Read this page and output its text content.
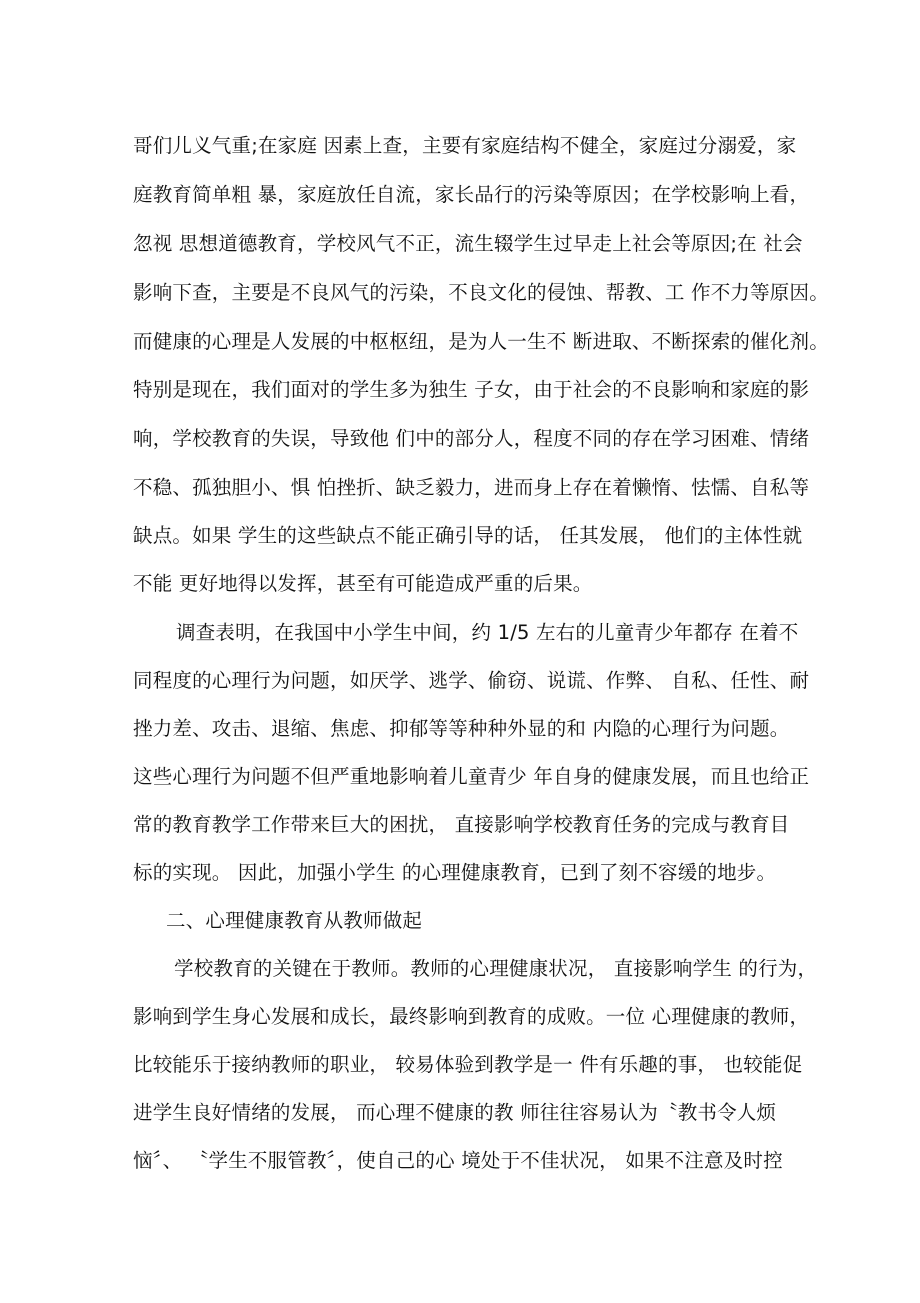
哥们儿义气重;在家庭 因素上查，主要有家庭结构不健全，家庭过分溺爱，家
庭教育简单粗 暴，家庭放任自流，家长品行的污染等原因；在学校影响上看，
忽视 思想道德教育，学校风气不正，流生辍学生过早走上社会等原因;在 社会
影响下查，主要是不良风气的污染，不良文化的侵蚀、帮教、工 作不力等原因。
而健康的心理是人发展的中枢枢纽，是为人一生不 断进取、不断探索的催化剂。
特别是现在，我们面对的学生多为独生 子女，由于社会的不良影响和家庭的影
响，学校教育的失误，导致他 们中的部分人，程度不同的存在学习困难、情绪
不稳、孤独胆小、惧 怕挫折、缺乏毅力，进而身上存在着懒惰、怯懦、自私等
缺点。如果 学生的这些缺点不能正确引导的话， 任其发展， 他们的主体性就
不能 更好地得以发挥，甚至有可能造成严重的后果。
调查表明，在我国中小学生中间，约 1/5 左右的儿童青少年都存 在着不
同程度的心理行为问题，如厌学、逃学、偷窃、说谎、作弊、 自私、任性、耐
挫力差、攻击、退缩、焦虑、抑郁等等种种外显的和 内隐的心理行为问题。
这些心理行为问题不但严重地影响着儿童青少 年自身的健康发展，而且也给正
常的教育教学工作带来巨大的困扰， 直接影响学校教育任务的完成与教育目
标的实现。 因此，加强小学生 的心理健康教育，已到了刻不容缓的地步。
二、心理健康教育从教师做起
学校教育的关键在于教师。教师的心理健康状况， 直接影响学生 的行为，
影响到学生身心发展和成长，最终影响到教育的成败。一位 心理健康的教师，
比较能乐于接纳教师的职业， 较易体验到教学是一 件有乐趣的事， 也较能促
进学生良好情绪的发展， 而心理不健康的教 师往往容易认为〝教书令人烦
恼〞、 〝学生不服管教〞，使自己的心 境处于不佳状况， 如果不注意及时控
